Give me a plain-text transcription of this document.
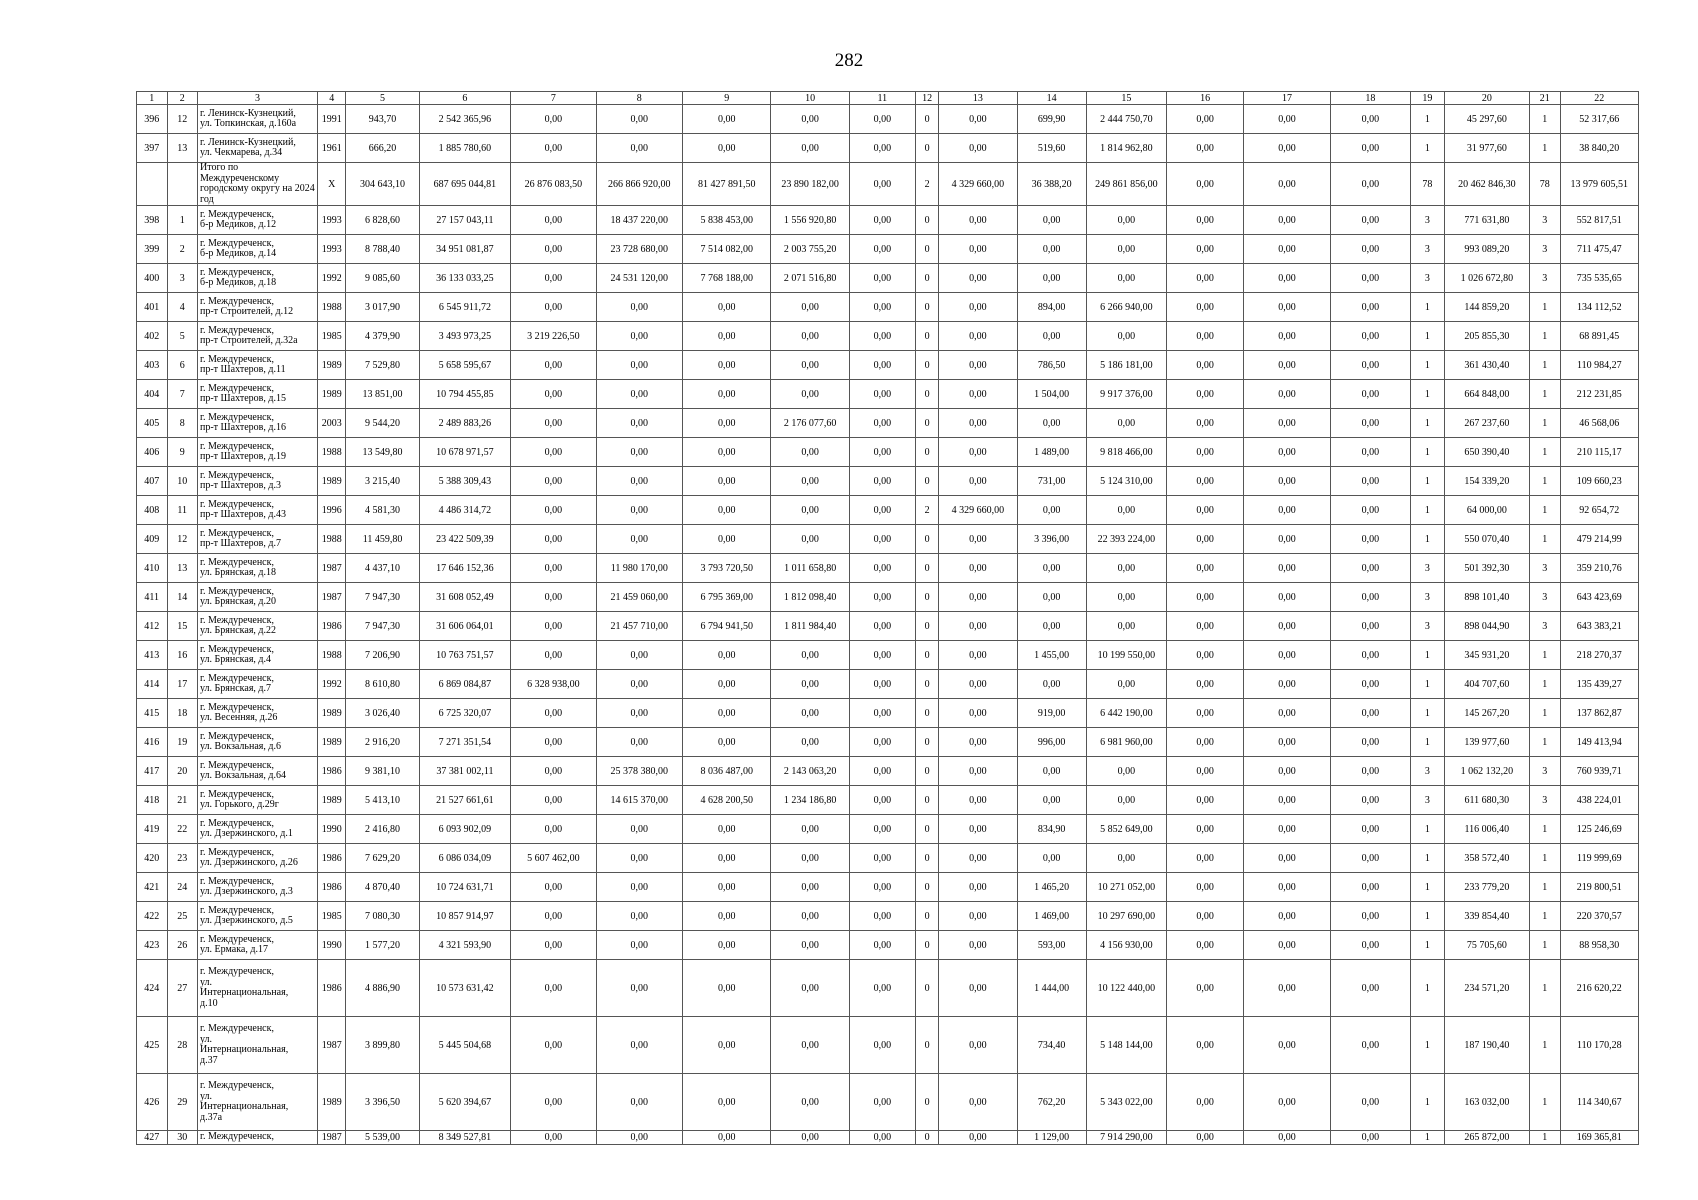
282
1	2	3	4	5	6	7	8	9	10	11	12	13	14	15	16	17	18	19	20	21	22
396	12	г. Ленинск-Кузнецкий,
ул. Топкинская, д.160а	1991	943,70	2 542 365,96	0,00	0,00	0,00	0,00	0,00	0	0,00	699,90	2 444 750,70	0,00	0,00	0,00	1	45 297,60	1	52 317,66
397	13	г. Ленинск-Кузнецкий,
ул. Чекмарева, д.34	1961	666,20	1 885 780,60	0,00	0,00	0,00	0,00	0,00	0	0,00	519,60	1 814 962,80	0,00	0,00	0,00	1	31 977,60	1	38 840,20
		Итого по Междуреченскому
городскому округу на 2024
год	X	304 643,10	687 695 044,81	26 876 083,50	266 866 920,00	81 427 891,50	23 890 182,00	0,00	2	4 329 660,00	36 388,20	249 861 856,00	0,00	0,00	0,00	78	20 462 846,30	78	13 979 605,51
398	1	г. Междуреченск,
б-р Медиков, д.12	1993	6 828,60	27 157 043,11	0,00	18 437 220,00	5 838 453,00	1 556 920,80	0,00	0	0,00	0,00	0,00	0,00	0,00	0,00	3	771 631,80	3	552 817,51
399	2	г. Междуреченск,
б-р Медиков, д.14	1993	8 788,40	34 951 081,87	0,00	23 728 680,00	7 514 082,00	2 003 755,20	0,00	0	0,00	0,00	0,00	0,00	0,00	0,00	3	993 089,20	3	711 475,47
400	3	г. Междуреченск,
б-р Медиков, д.18	1992	9 085,60	36 133 033,25	0,00	24 531 120,00	7 768 188,00	2 071 516,80	0,00	0	0,00	0,00	0,00	0,00	0,00	0,00	3	1 026 672,80	3	735 535,65
401	4	г. Междуреченск,
пр-т Строителей, д.12	1988	3 017,90	6 545 911,72	0,00	0,00	0,00	0,00	0,00	0	0,00	894,00	6 266 940,00	0,00	0,00	0,00	1	144 859,20	1	134 112,52
402	5	г. Междуреченск,
пр-т Строителей, д.32а	1985	4 379,90	3 493 973,25	3 219 226,50	0,00	0,00	0,00	0,00	0	0,00	0,00	0,00	0,00	0,00	0,00	1	205 855,30	1	68 891,45
403	6	г. Междуреченск,
пр-т Шахтеров, д.11	1989	7 529,80	5 658 595,67	0,00	0,00	0,00	0,00	0,00	0	0,00	786,50	5 186 181,00	0,00	0,00	0,00	1	361 430,40	1	110 984,27
404	7	г. Междуреченск,
пр-т Шахтеров, д.15	1989	13 851,00	10 794 455,85	0,00	0,00	0,00	0,00	0,00	0	0,00	1 504,00	9 917 376,00	0,00	0,00	0,00	1	664 848,00	1	212 231,85
405	8	г. Междуреченск,
пр-т Шахтеров, д.16	2003	9 544,20	2 489 883,26	0,00	0,00	0,00	2 176 077,60	0,00	0	0,00	0,00	0,00	0,00	0,00	0,00	1	267 237,60	1	46 568,06
406	9	г. Междуреченск,
пр-т Шахтеров, д.19	1988	13 549,80	10 678 971,57	0,00	0,00	0,00	0,00	0,00	0	0,00	1 489,00	9 818 466,00	0,00	0,00	0,00	1	650 390,40	1	210 115,17
407	10	г. Междуреченск,
пр-т Шахтеров, д.3	1989	3 215,40	5 388 309,43	0,00	0,00	0,00	0,00	0,00	0	0,00	731,00	5 124 310,00	0,00	0,00	0,00	1	154 339,20	1	109 660,23
408	11	г. Междуреченск,
пр-т Шахтеров, д.43	1996	4 581,30	4 486 314,72	0,00	0,00	0,00	0,00	0,00	2	4 329 660,00	0,00	0,00	0,00	0,00	0,00	1	64 000,00	1	92 654,72
409	12	г. Междуреченск,
пр-т Шахтеров, д.7	1988	11 459,80	23 422 509,39	0,00	0,00	0,00	0,00	0,00	0	0,00	3 396,00	22 393 224,00	0,00	0,00	0,00	1	550 070,40	1	479 214,99
410	13	г. Междуреченск,
ул. Брянская, д.18	1987	4 437,10	17 646 152,36	0,00	11 980 170,00	3 793 720,50	1 011 658,80	0,00	0	0,00	0,00	0,00	0,00	0,00	0,00	3	501 392,30	3	359 210,76
411	14	г. Междуреченск,
ул. Брянская, д.20	1987	7 947,30	31 608 052,49	0,00	21 459 060,00	6 795 369,00	1 812 098,40	0,00	0	0,00	0,00	0,00	0,00	0,00	0,00	3	898 101,40	3	643 423,69
412	15	г. Междуреченск,
ул. Брянская, д.22	1986	7 947,30	31 606 064,01	0,00	21 457 710,00	6 794 941,50	1 811 984,40	0,00	0	0,00	0,00	0,00	0,00	0,00	0,00	3	898 044,90	3	643 383,21
413	16	г. Междуреченск,
ул. Брянская, д.4	1988	7 206,90	10 763 751,57	0,00	0,00	0,00	0,00	0,00	0	0,00	1 455,00	10 199 550,00	0,00	0,00	0,00	1	345 931,20	1	218 270,37
414	17	г. Междуреченск,
ул. Брянская, д.7	1992	8 610,80	6 869 084,87	6 328 938,00	0,00	0,00	0,00	0,00	0	0,00	0,00	0,00	0,00	0,00	0,00	1	404 707,60	1	135 439,27
415	18	г. Междуреченск,
ул. Весенняя, д.26	1989	3 026,40	6 725 320,07	0,00	0,00	0,00	0,00	0,00	0	0,00	919,00	6 442 190,00	0,00	0,00	0,00	1	145 267,20	1	137 862,87
416	19	г. Междуреченск,
ул. Вокзальная, д.6	1989	2 916,20	7 271 351,54	0,00	0,00	0,00	0,00	0,00	0	0,00	996,00	6 981 960,00	0,00	0,00	0,00	1	139 977,60	1	149 413,94
417	20	г. Междуреченск,
ул. Вокзальная, д.64	1986	9 381,10	37 381 002,11	0,00	25 378 380,00	8 036 487,00	2 143 063,20	0,00	0	0,00	0,00	0,00	0,00	0,00	0,00	3	1 062 132,20	3	760 939,71
418	21	г. Междуреченск,
ул. Горького, д.29г	1989	5 413,10	21 527 661,61	0,00	14 615 370,00	4 628 200,50	1 234 186,80	0,00	0	0,00	0,00	0,00	0,00	0,00	0,00	3	611 680,30	3	438 224,01
419	22	г. Междуреченск,
ул. Дзержинского, д.1	1990	2 416,80	6 093 902,09	0,00	0,00	0,00	0,00	0,00	0	0,00	834,90	5 852 649,00	0,00	0,00	0,00	1	116 006,40	1	125 246,69
420	23	г. Междуреченск,
ул. Дзержинского, д.26	1986	7 629,20	6 086 034,09	5 607 462,00	0,00	0,00	0,00	0,00	0	0,00	0,00	0,00	0,00	0,00	0,00	1	358 572,40	1	119 999,69
421	24	г. Междуреченск,
ул. Дзержинского, д.3	1986	4 870,40	10 724 631,71	0,00	0,00	0,00	0,00	0,00	0	0,00	1 465,20	10 271 052,00	0,00	0,00	0,00	1	233 779,20	1	219 800,51
422	25	г. Междуреченск,
ул. Дзержинского, д.5	1985	7 080,30	10 857 914,97	0,00	0,00	0,00	0,00	0,00	0	0,00	1 469,00	10 297 690,00	0,00	0,00	0,00	1	339 854,40	1	220 370,57
423	26	г. Междуреченск,
ул. Ермака, д.17	1990	1 577,20	4 321 593,90	0,00	0,00	0,00	0,00	0,00	0	0,00	593,00	4 156 930,00	0,00	0,00	0,00	1	75 705,60	1	88 958,30
424	27	г. Междуреченск,
ул.
Интернациональная,
д.10	1986	4 886,90	10 573 631,42	0,00	0,00	0,00	0,00	0,00	0	0,00	1 444,00	10 122 440,00	0,00	0,00	0,00	1	234 571,20	1	216 620,22
425	28	г. Междуреченск,
ул.
Интернациональная,
д.37	1987	3 899,80	5 445 504,68	0,00	0,00	0,00	0,00	0,00	0	0,00	734,40	5 148 144,00	0,00	0,00	0,00	1	187 190,40	1	110 170,28
426	29	г. Междуреченск,
ул.
Интернациональная,
д.37а	1989	3 396,50	5 620 394,67	0,00	0,00	0,00	0,00	0,00	0	0,00	762,20	5 343 022,00	0,00	0,00	0,00	1	163 032,00	1	114 340,67
427	30	г. Междуреченск,	1987	5 539,00	8 349 527,81	0,00	0,00	0,00	0,00	0,00	0	0,00	1 129,00	7 914 290,00	0,00	0,00	0,00	1	265 872,00	1	169 365,81
